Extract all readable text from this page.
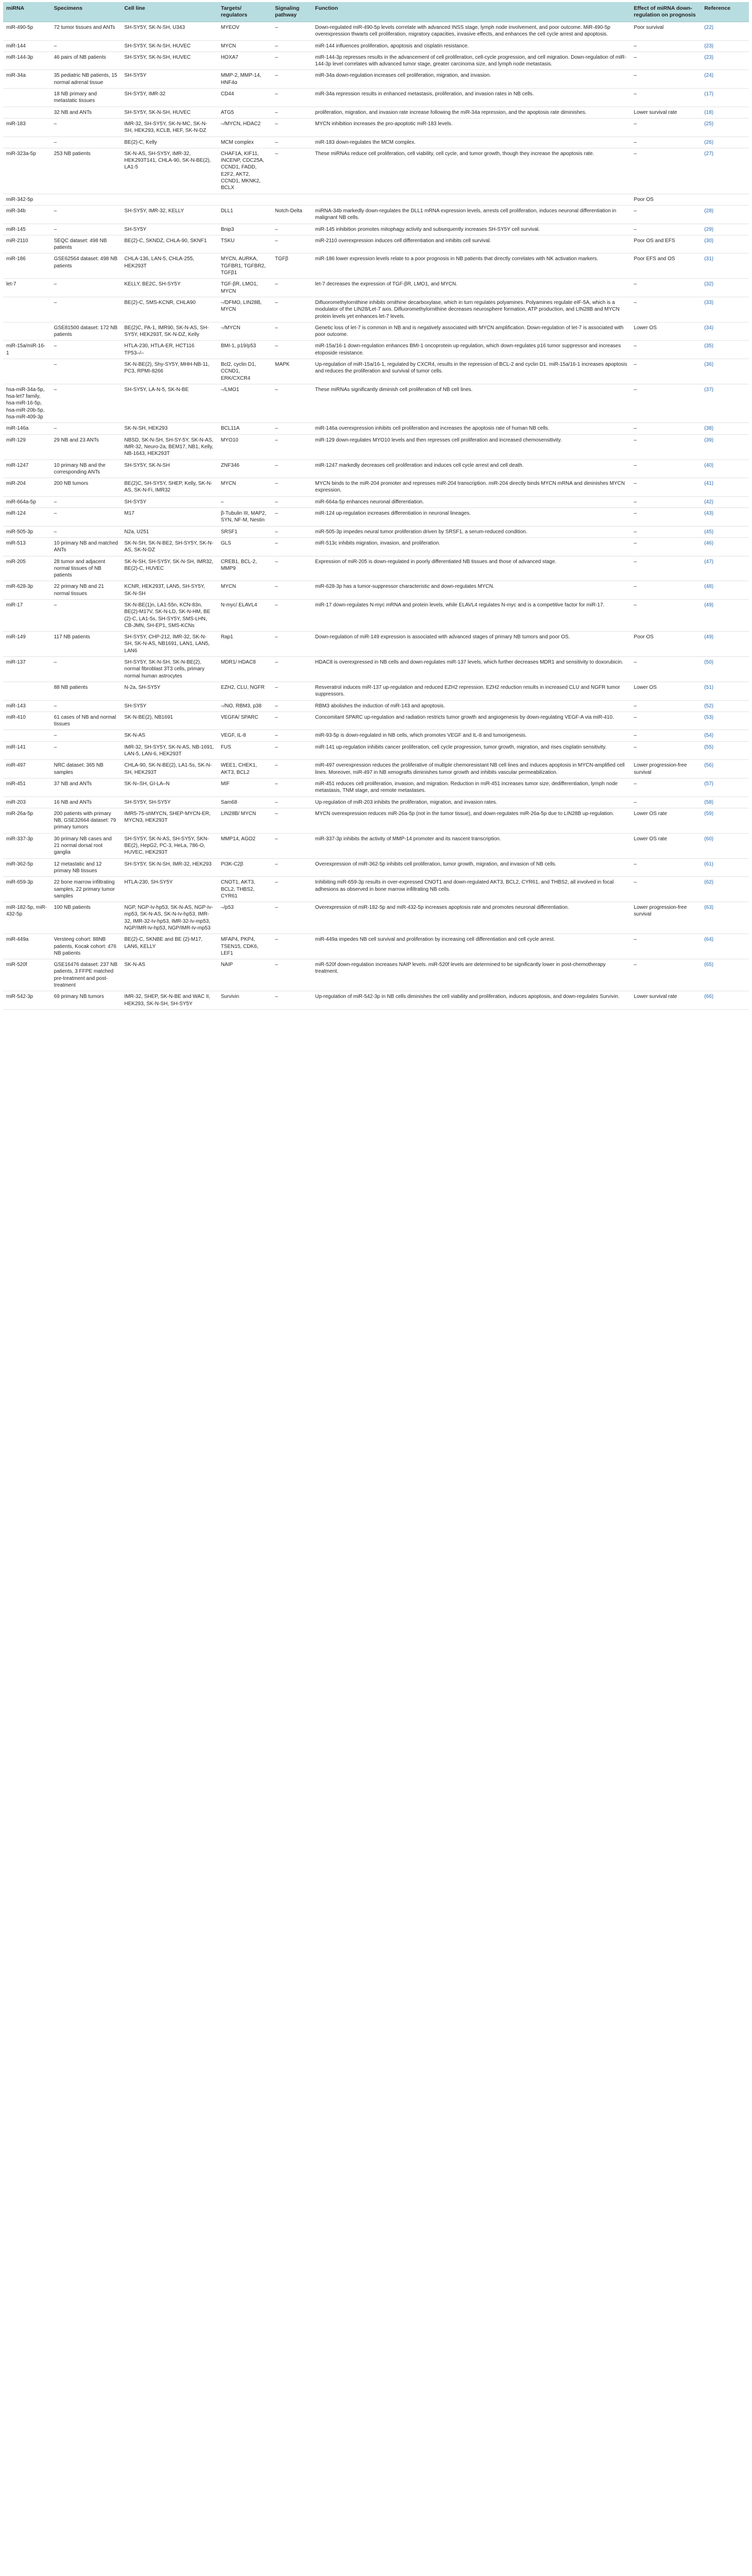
miRNA	Specimens	Cell line	Targets/ regulators	Signaling pathway	Function	Effect of miRNA down-regulation on prognosis	Reference
miR-490-5p	72 tumor tissues and ANTs	SH-SY5Y, SK-N-SH, U343	MYEOV	–	Down-regulated miR-490-5p levels correlate with advanced INSS stage, lymph node involvement, and poor outcome. MiR-490-5p overexpression thwarts cell proliferation, migratory capacities, invasive effects, and enhances the cell cycle arrest and apoptosis.	Poor survival	(22)
miR-144	–	SH-SY5Y, SK-N-SH, HUVEC	MYCN	–	miR-144 influences proliferation, apoptosis and cisplatin resistance.	–	(23)
miR-144-3p	46 pairs of NB patients	SH-SY5Y, SK-N-SH, HUVEC	HOXA7	–	miR-144-3p represses results in the advancement of cell proliferation, cell-cycle progression, and cell migration. Down-regulation of miR-144-3p level correlates with advanced tumor stage, greater carcinoma size, and lymph node metastasis.	–	(23)
miR-34a	35 pediatric NB patients, 15 normal adrenal tissue	SH-SY5Y	MMP-2, MMP-14, HNF4α	–	miR-34a down-regulation increases cell proliferation, migration, and invasion.	–	(24)
	18 NB primary and metastatic tissues	SH-SY5Y, IMR-32	CD44	–	miR-34a repression results in enhanced metastasis, proliferation, and invasion rates in NB cells.	–	(17)
	32 NB and ANTs	SH-SY5Y, SK-N-SH, HUVEC	ATG5	–	proliferation, migration, and invasion rate increase following the miR-34a repression, and the apoptosis rate diminishes.	Lower survival rate	(18)
miR-183	–	IMR-32, SH-SY5Y, SK-N-MC, SK-N-SH, HEK293, KCLB, HEF, SK-N-DZ	–/MYCN, HDAC2	–	MYCN inhibition increases the pro-apoptotic miR-183 levels.	–	(25)
	–	BE(2)-C, Kelly	MCM complex	–	miR-183 down-regulates the MCM complex.	–	(26)
miR-323a-5p	253 NB patients	SK-N-AS, SH-SY5Y, IMR-32, HEK293T141, CHLA-90, SK-N-BE(2), LA1-5	CHAF1A, KIF11, INCENP, CDC25A, CCND1, FADD, E2F2, AKT2, CCND1, MKNK2, BCLX	–	These miRNAs reduce cell proliferation, cell viability, cell cycle, and tumor growth, though they increase the apoptosis rate.	–	(27)
miR-342-5p						Poor OS	
miR-34b	–	SH-SY5Y, IMR-32, KELLY	DLL1	Notch-Delta	miRNA-34b markedly down-regulates the DLL1 mRNA expression levels, arrests cell proliferation, induces neuronal differentiation in malignant NB cells.	–	(28)
miR-145	–	SH-SY5Y	Bnip3	–	miR-145 inhibition promotes mitophagy activity and subsequently increases SH-SY5Y cell survival.	–	(29)
miR-2110	SEQC dataset: 498 NB patients	BE(2)-C, SKNDZ, CHLA-90, SKNF1	TSKU	–	miR-2110 overexpression induces cell differentiation and inhibits cell survival.	Poor OS and EFS	(30)
miR-186	GSE62564 dataset: 498 NB patients	CHLA-136, LAN-5, CHLA-255, HEK293T	MYCN, AURKA, TGFBR1, TGFBR2, TGFβ1	TGFβ	miR-186 lower expression levels relate to a poor prognosis in NB patients that directly correlates with NK activation markers.	Poor EFS and OS	(31)
let-7	–	KELLY, BE2C, SH-SY5Y	TGF-βR, LMO1, MYCN	–	let-7 decreases the expression of TGF-βR, LMO1, and MYCN.	–	(32)
	–	BE(2)-C, SMS-KCNR, CHLA90	–/DFMO, LIN28B, MYCN	–	Difluoromethylornithine inhibits ornithine decarboxylase, which in turn regulates polyamines. Polyamines regulate eIF-5A, which is a modulator of the LIN28/Let-7 axis. Difluoromethylornithine decreases neurosphere formation, ATP production, and LIN28B and MYCN protein levels yet enhances let-7 levels.	–	(33)
	GSE81500 dataset: 172 NB patients	BE(2)C, PA-1, IMR90, SK-N-AS, SH-SY5Y, HEK293T, SK-N-DZ, Kelly	–/MYCN	–	Genetic loss of let-7 is common in NB and is negatively associated with MYCN amplification. Down-regulation of let-7 is associated with poor outcome.	Lower OS	(34)
miR-15a/miR-16-1	–	HTLA-230, HTLA-ER, HCT116 TP53–/–	BMI-1, p19/p53	–	miR-15a/16-1 down-regulation enhances BMI-1 oncoprotein up-regulation, which down-regulates p16 tumor suppressor and increases etoposide resistance.	–	(35)
	–	SK-N-BE(2), Shy-SY5Y, MHH-NB-11, PC3, RPMI-8266	Bcl2, cyclin D1, CCND1, ERK/CXCR4	MAPK	Up-regulation of miR-15a/16-1, regulated by CXCR4, results in the repression of BCL-2 and cyclin D1. miR-15a/16-1 increases apoptosis and reduces the proliferation and survival of tumor cells.	–	(36)
hsa-miR-34a-5p, hsa-let7 family, hsa-miR-16-5p, hsa-miR-20b-5p, hsa-miR-409-3p	–	SH-SY5Y, LA-N-5, SK-N-BE	–/LMO1	–	These miRNAs significantly diminish cell proliferation of NB cell lines.	–	(37)
miR-146a	–	SK-N-SH, HEK293	BCL11A	–	miR-146a overexpression inhibits cell proliferation and increases the apoptosis rate of human NB cells.	–	(38)
miR-129	29 NB and 23 ANTs	NBSD, SK-N-SH, SH-SY-5Y, SK-N-AS, IMR-32, Neuro-2a, BEM17, NB1, Kelly, NB-1643, HEK293T	MYO10	–	miR-129 down-regulates MYO10 levels and then represses cell proliferation and increased chemosensitivity.	–	(39)
miR-1247	10 primary NB and the corresponding ANTs	SH-SY5Y, SK-N-SH	ZNF346	–	miR-1247 markedly decreases cell proliferation and induces cell cycle arrest and cell death.	–	(40)
miR-204	200 NB tumors	BE(2)C, SH-SY5Y, SHEP, Kelly, SK-N-AS, SK-N-Fi, IMR32	MYCN	–	MYCN binds to the miR-204 promoter and represses miR-204 transcription. miR-204 directly binds MYCN mRNA and diminishes MYCN expression.	–	(41)
miR-664a-5p	–	SH-SY5Y	–	–	miR-664a-5p enhances neuronal differentiation.	–	(42)
miR-124	–	M17	β-Tubulin III, MAP2, SYN, NF-M, Nestin	–	miR-124 up-regulation increases differentiation in neuronal lineages.	–	(43)
miR-505-3p	–	N2a, U251	SRSF1	–	miR-505-3p impedes neural tumor proliferation driven by SRSF1, a serum-reduced condition.	–	(45)
miR-513	10 primary NB and matched ANTs	SK-N-SH, SK-N-BE2, SH-SY5Y, SK-N-AS, SK-N-DZ	GLS	–	miR-513c inhibits migration, invasion, and proliferation.	–	(46)
miR-205	28 tumor and adjacent normal tissues of NB patients	SK-N-SH, SH-SY5Y, SK-N-SH, IMR32, BE(2)-C, HUVEC	CREB1, BCL-2, MMP9	–	Expression of miR-205 is down-regulated in poorly differentiated NB tissues and those of advanced stage.	–	(47)
miR-628-3p	22 primary NB and 21 normal tissues	KCNR, HEK293T, LAN5, SH-SY5Y, SK-N-SH	MYCN	–	miR-628-3p has a tumor-suppressor characteristic and down-regulates MYCN.	–	(48)
miR-17	–	SK-N-BE(1)n, LA1-55n, KCN-83n, BE(2)-M17V, SK-N-LD, SK-N-HM, BE (2)-C, LA1-5s, SH-SY5Y, SMS-LHN, CB-JMN, SH-EP1, SMS-KCNs	N-myc/ ELAVL4	–	miR-17 down-regulates N-myc mRNA and protein levels, while ELAVL4 regulates N-myc and is a competitive factor for miR-17.	–	(49)
miR-149	117 NB patients	SH-SY5Y, CHP-212, IMR-32, SK-N-SH, SK-N-AS, NB1691, LAN1, LAN5, LAN6	Rap1	–	Down-regulation of miR-149 expression is associated with advanced stages of primary NB tumors and poor OS.	Poor OS	(49)
miR-137	–	SH-SY5Y, SK-N-SH, SK-N-BE(2), normal fibroblast 3T3 cells, primary normal human astrocytes	MDR1/ HDAC8	–	HDAC8 is overexpressed in NB cells and down-regulates miR-137 levels, which further decreases MDR1 and sensitivity to doxorubicin.	–	(50)
	88 NB patients	N-2a, SH-SY5Y	EZH2, CLU, NGFR	–	Resveratrol induces miR-137 up-regulation and reduced EZH2 repression. EZH2 reduction results in increased CLU and NGFR tumor suppressors.	Lower OS	(51)
miR-143	–	SH-SY5Y	–/NO, RBM3, p38	–	RBM3 abolishes the induction of miR-143 and apoptosis.	–	(52)
miR-410	61 cases of NB and normal tissues	SK-N-BE(2), NB1691	VEGFA/ SPARC	–	Concomitant SPARC up-regulation and radiation restricts tumor growth and angiogenesis by down-regulating VEGF-A via miR-410.	–	(53)
	–	SK-N-AS	VEGF, IL-8	–	miR-93-5p is down-regulated in NB cells, which promotes VEGF and IL-8 and tumorigenesis.	–	(54)
miR-141	–	IMR-32, SH-SY5Y, SK-N-AS, NB-1691, LAN-5, LAN-6, HEK293T	FUS	–	miR-141 up-regulation inhibits cancer proliferation, cell cycle progression, tumor growth, migration, and rises cisplatin sensitivity.	–	(55)
miR-497	NRC dataset: 365 NB samples	CHLA-90, SK-N-BE(2), LA1-5s, SK-N-SH, HEK293T	WEE1, CHEK1, AKT3, BCL2	–	miR-497 overexpression reduces the proliferative of multiple chemoresistant NB cell lines and induces apoptosis in MYCN-amplified cell lines. Moreover, miR-497 in NB xenografts diminishes tumor growth and inhibits vascular permeabilization.	Lower progression-free survival	(56)
miR-451	37 NB and ANTs	SK-N–SH, GI-LA–N	MIF	–	miR-451 reduces cell proliferation, invasion, and migration. Reduction in miR-451 increases tumor size, dedifferentiation, lymph node metastasis, TNM stage, and remote metastases.	–	(57)
miR-203	16 NB and ANTs	SH-SY5Y, SH-SY5Y	Sam68	–	Up-regulation of miR-203 inhibits the proliferation, migration, and invasion rates.	–	(58)
miR-26a-5p	200 patients with primary NB, GSE32664 dataset: 79 primary tumors	IMR5-75-shMYCN, SHEP-MYCN-ER, MYCN3, HEK293T	LIN28B/ MYCN	–	MYCN overexpression reduces miR-26a-5p (not in the tumor tissue), and down-regulates miR-26a-5p due to LIN28B up-regulation.	Lower OS rate	(59)
miR-337-3p	30 primary NB cases and 21 normal dorsal root ganglia	SH-SY5Y, SK-N-AS, SH-SY5Y, SKN-BE(2), HepG2, PC-3, HeLa, 786-O, HUVEC, HEK293T	MMP14, AGO2	–	miR-337-3p inhibits the activity of MMP-14 promoter and its nascent transcription.	Lower OS rate	(60)
miR-362-5p	12 metastatic and 12 primary NB tissues	SH-SY5Y, SK-N-SH, IMR-32, HEK293	PI3K-C2β	–	Overexpression of miR-362-5p inhibits cell proliferation, tumor growth, migration, and invasion of NB cells.	–	(61)
miR-659-3p	22 bone marrow infiltrating samples, 22 primary tumor samples	HTLA-230, SH-SY5Y	CNOT1, AKT3, BCL2, THBS2, CYR61	–	Inhibiting miR-659-3p results in over-expressed CNOT1 and down-regulated AKT3, BCL2, CYR61, and THBS2, all involved in focal adhesions as observed in bone marrow infiltrating NB cells.	–	(62)
miR-182-5p, miR-432-5p	100 NB patients	NGP, NGP-Iv-hp53, SK-N-AS, NGP-Iv-mp53, SK-N-AS, SK-N-Iv-hp53, IMR-32, IMR-32-Iv-hp53, IMR-32-Iv-mp53, NGP/IMR-Iv-hp53, NGP/IMR-Iv-mp53	–/p53	–	Overexpression of miR-182-5p and miR-432-5p increases apoptosis rate and promotes neuronal differentiation.	Lower progression-free survival	(63)
miR-449a	Versteeg cohort: 88NB patients, Kocak cohort: 476 NB patients	BE(2)-C, SKNBE and BE (2)-M17, LAN6, KELLY	MFAP4, PKP4, TSEN15, CDK6, LEF1	–	miR-449a impedes NB cell survival and proliferation by increasing cell differentiation and cell cycle arrest.	–	(64)
miR-520f	GSE16476 dataset: 237 NB patients, 3 FFPE matched pre-treatment and post-treatment	SK-N-AS	NAIP	–	miR-520f down-regulation increases NAIP levels. miR-520f levels are determined to be significantly lower in post-chemotherapy treatment.	–	(65)
miR-542-3p	69 primary NB tumors	IMR-32, SHEP, SK-N-BE and WAC II, HEK293, SK-N-SH, SH-SY5Y	Survivin	–	Up-regulation of miR-542-3p in NB cells diminishes the cell viability and proliferation, induces apoptosis, and down-regulates Survivin.	Lower survival rate	(66)
